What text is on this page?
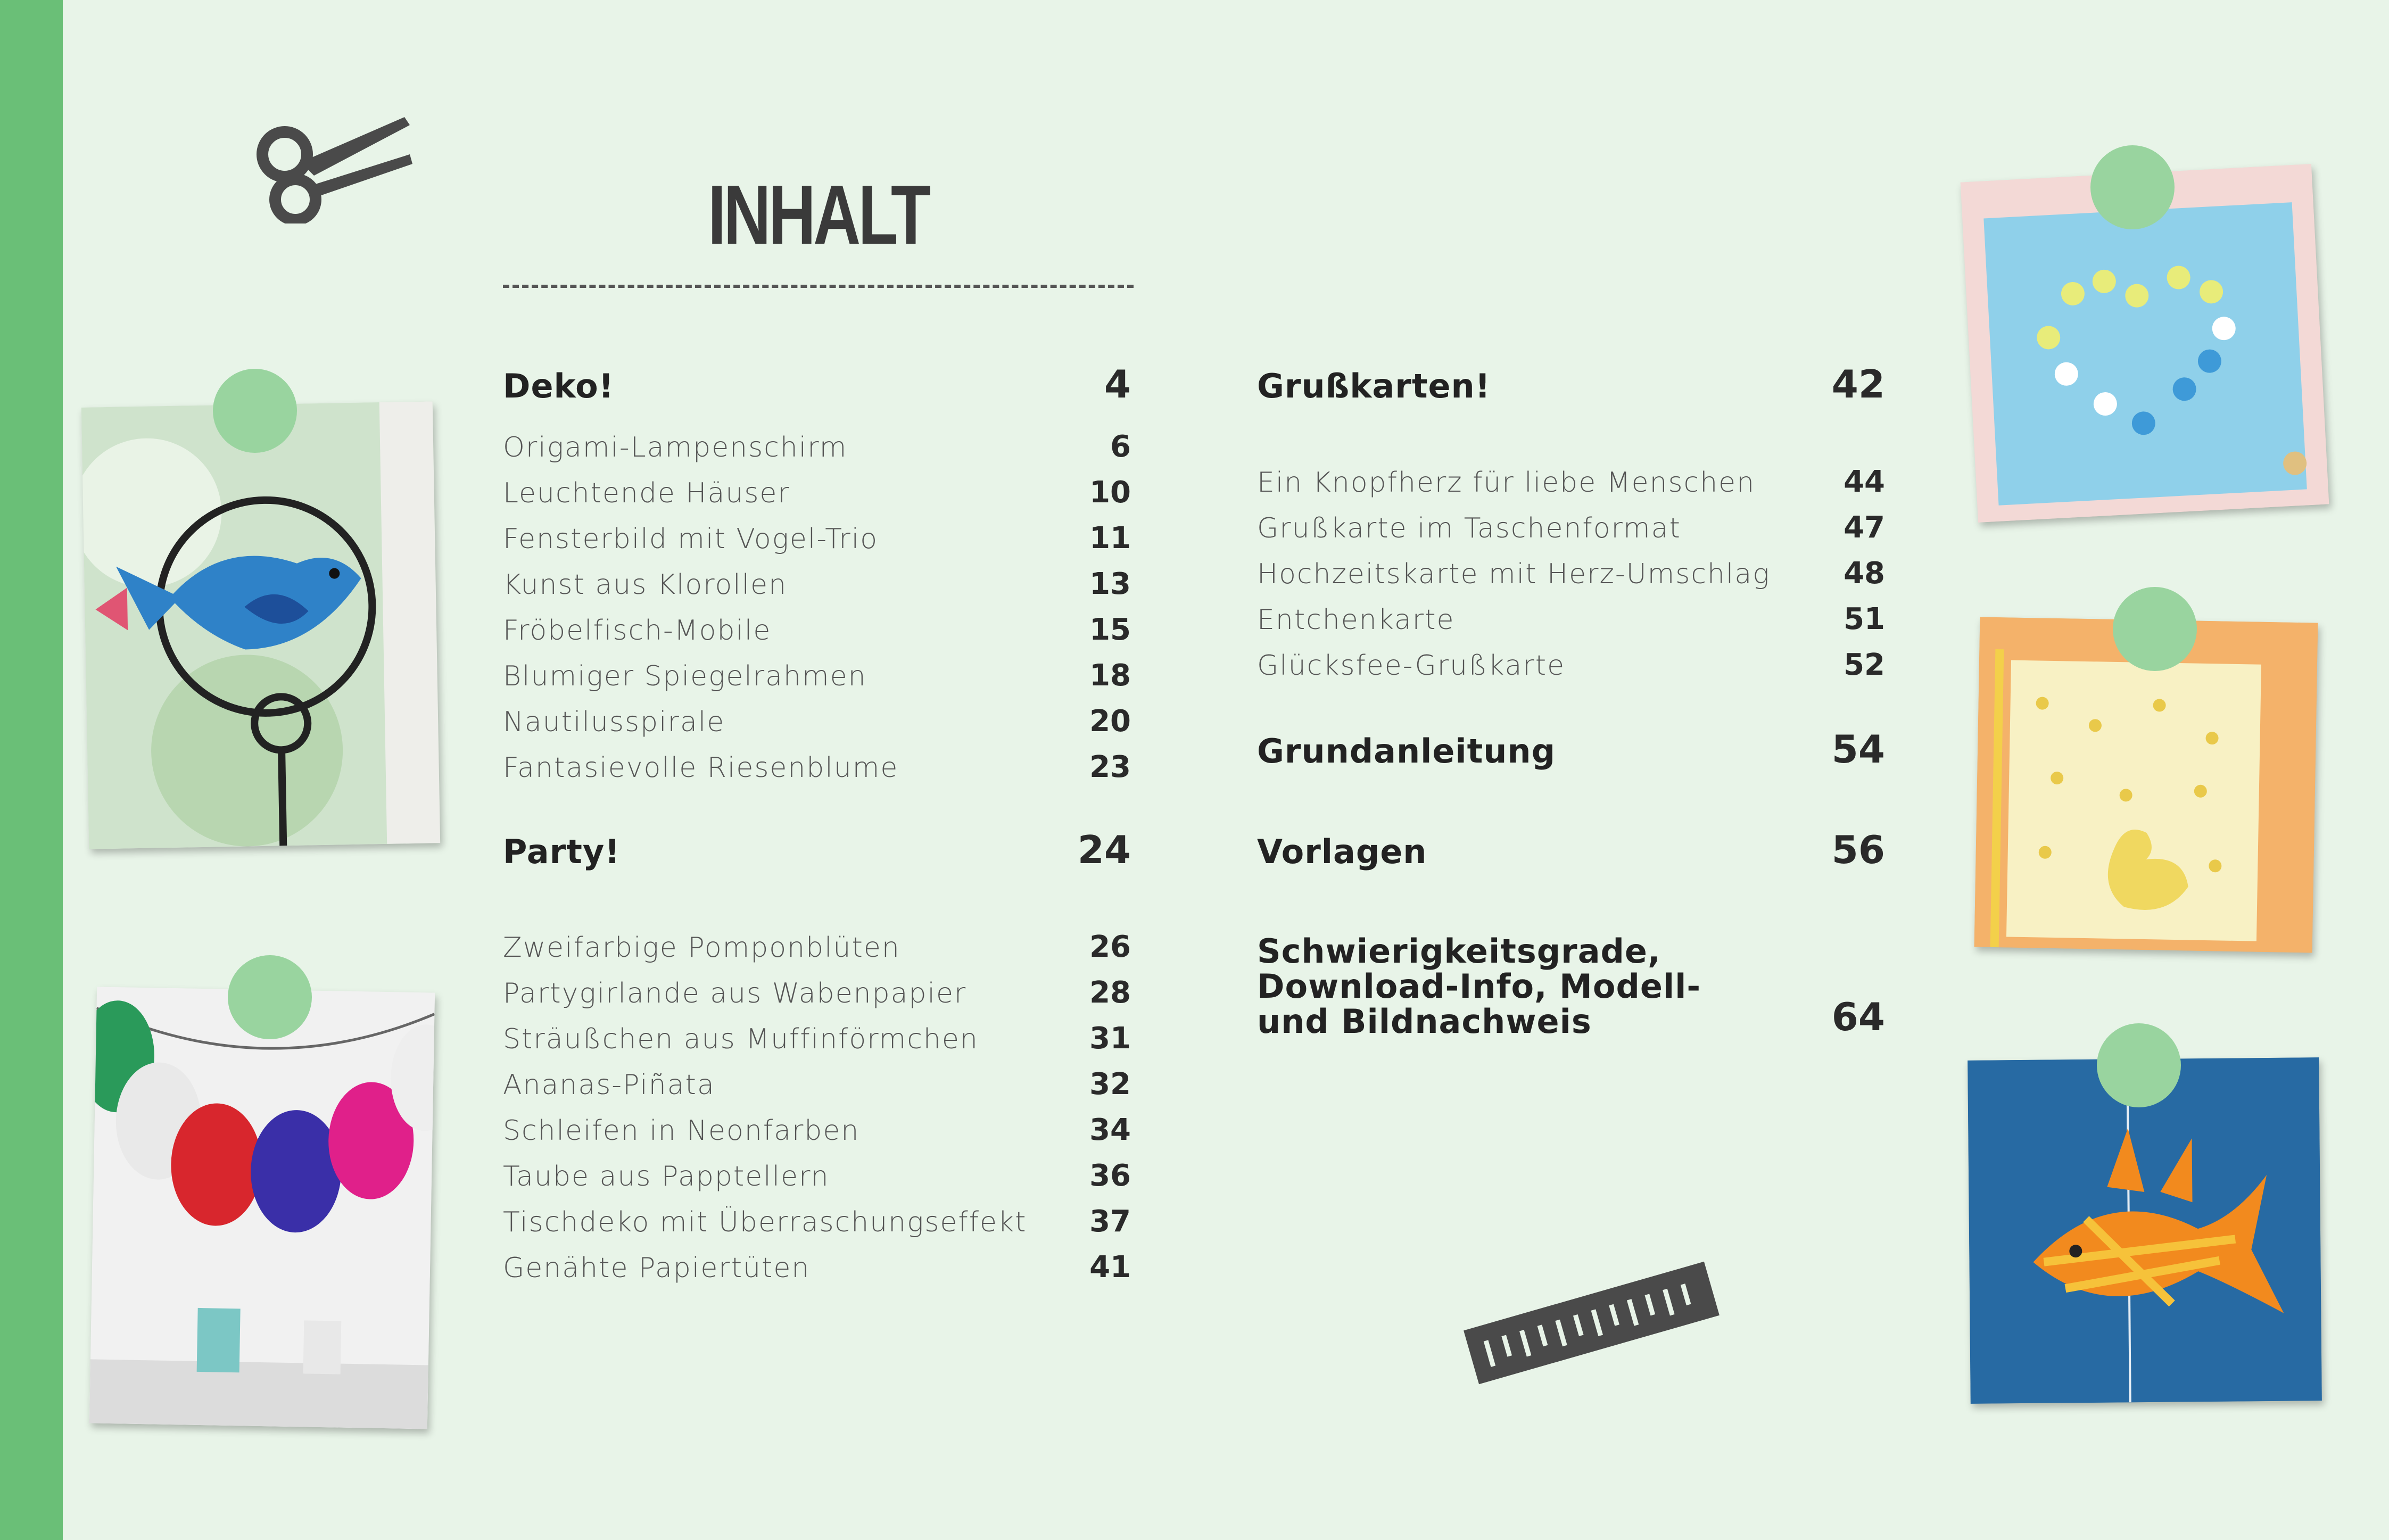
INHALT
Deko!	4
Origami-Lampenschirm	6
Leuchtende Häuser	10
Fensterbild mit Vogel-Trio	11
Kunst aus Klorollen	13
Fröbelfisch-Mobile	15
Blumiger Spiegelrahmen	18
Nautilusspirale	20
Fantasievolle Riesenblume	23
Party!	24
Zweifarbige Pomponblüten	26
Partygirlande aus Wabenpapier	28
Sträußchen aus Muffinförmchen	31
Ananas-Piñata	32
Schleifen in Neonfarben	34
Taube aus Papptellern	36
Tischdeko mit Überraschungseffekt 37
Genähte Papiertüten	41
Grußkarten!	42
Ein Knopfherz für liebe Menschen	44
Grußkarte im Taschenformat	47
Hochzeitskarte mit Herz-Umschlag 48
Entchenkarte	51
Glücksfee-Grußkarte	52
Grundanleitung	54
Vorlagen	56
Schwierigkeitsgrade,
Download-Info, Modell-
und Bildnachweis	64
